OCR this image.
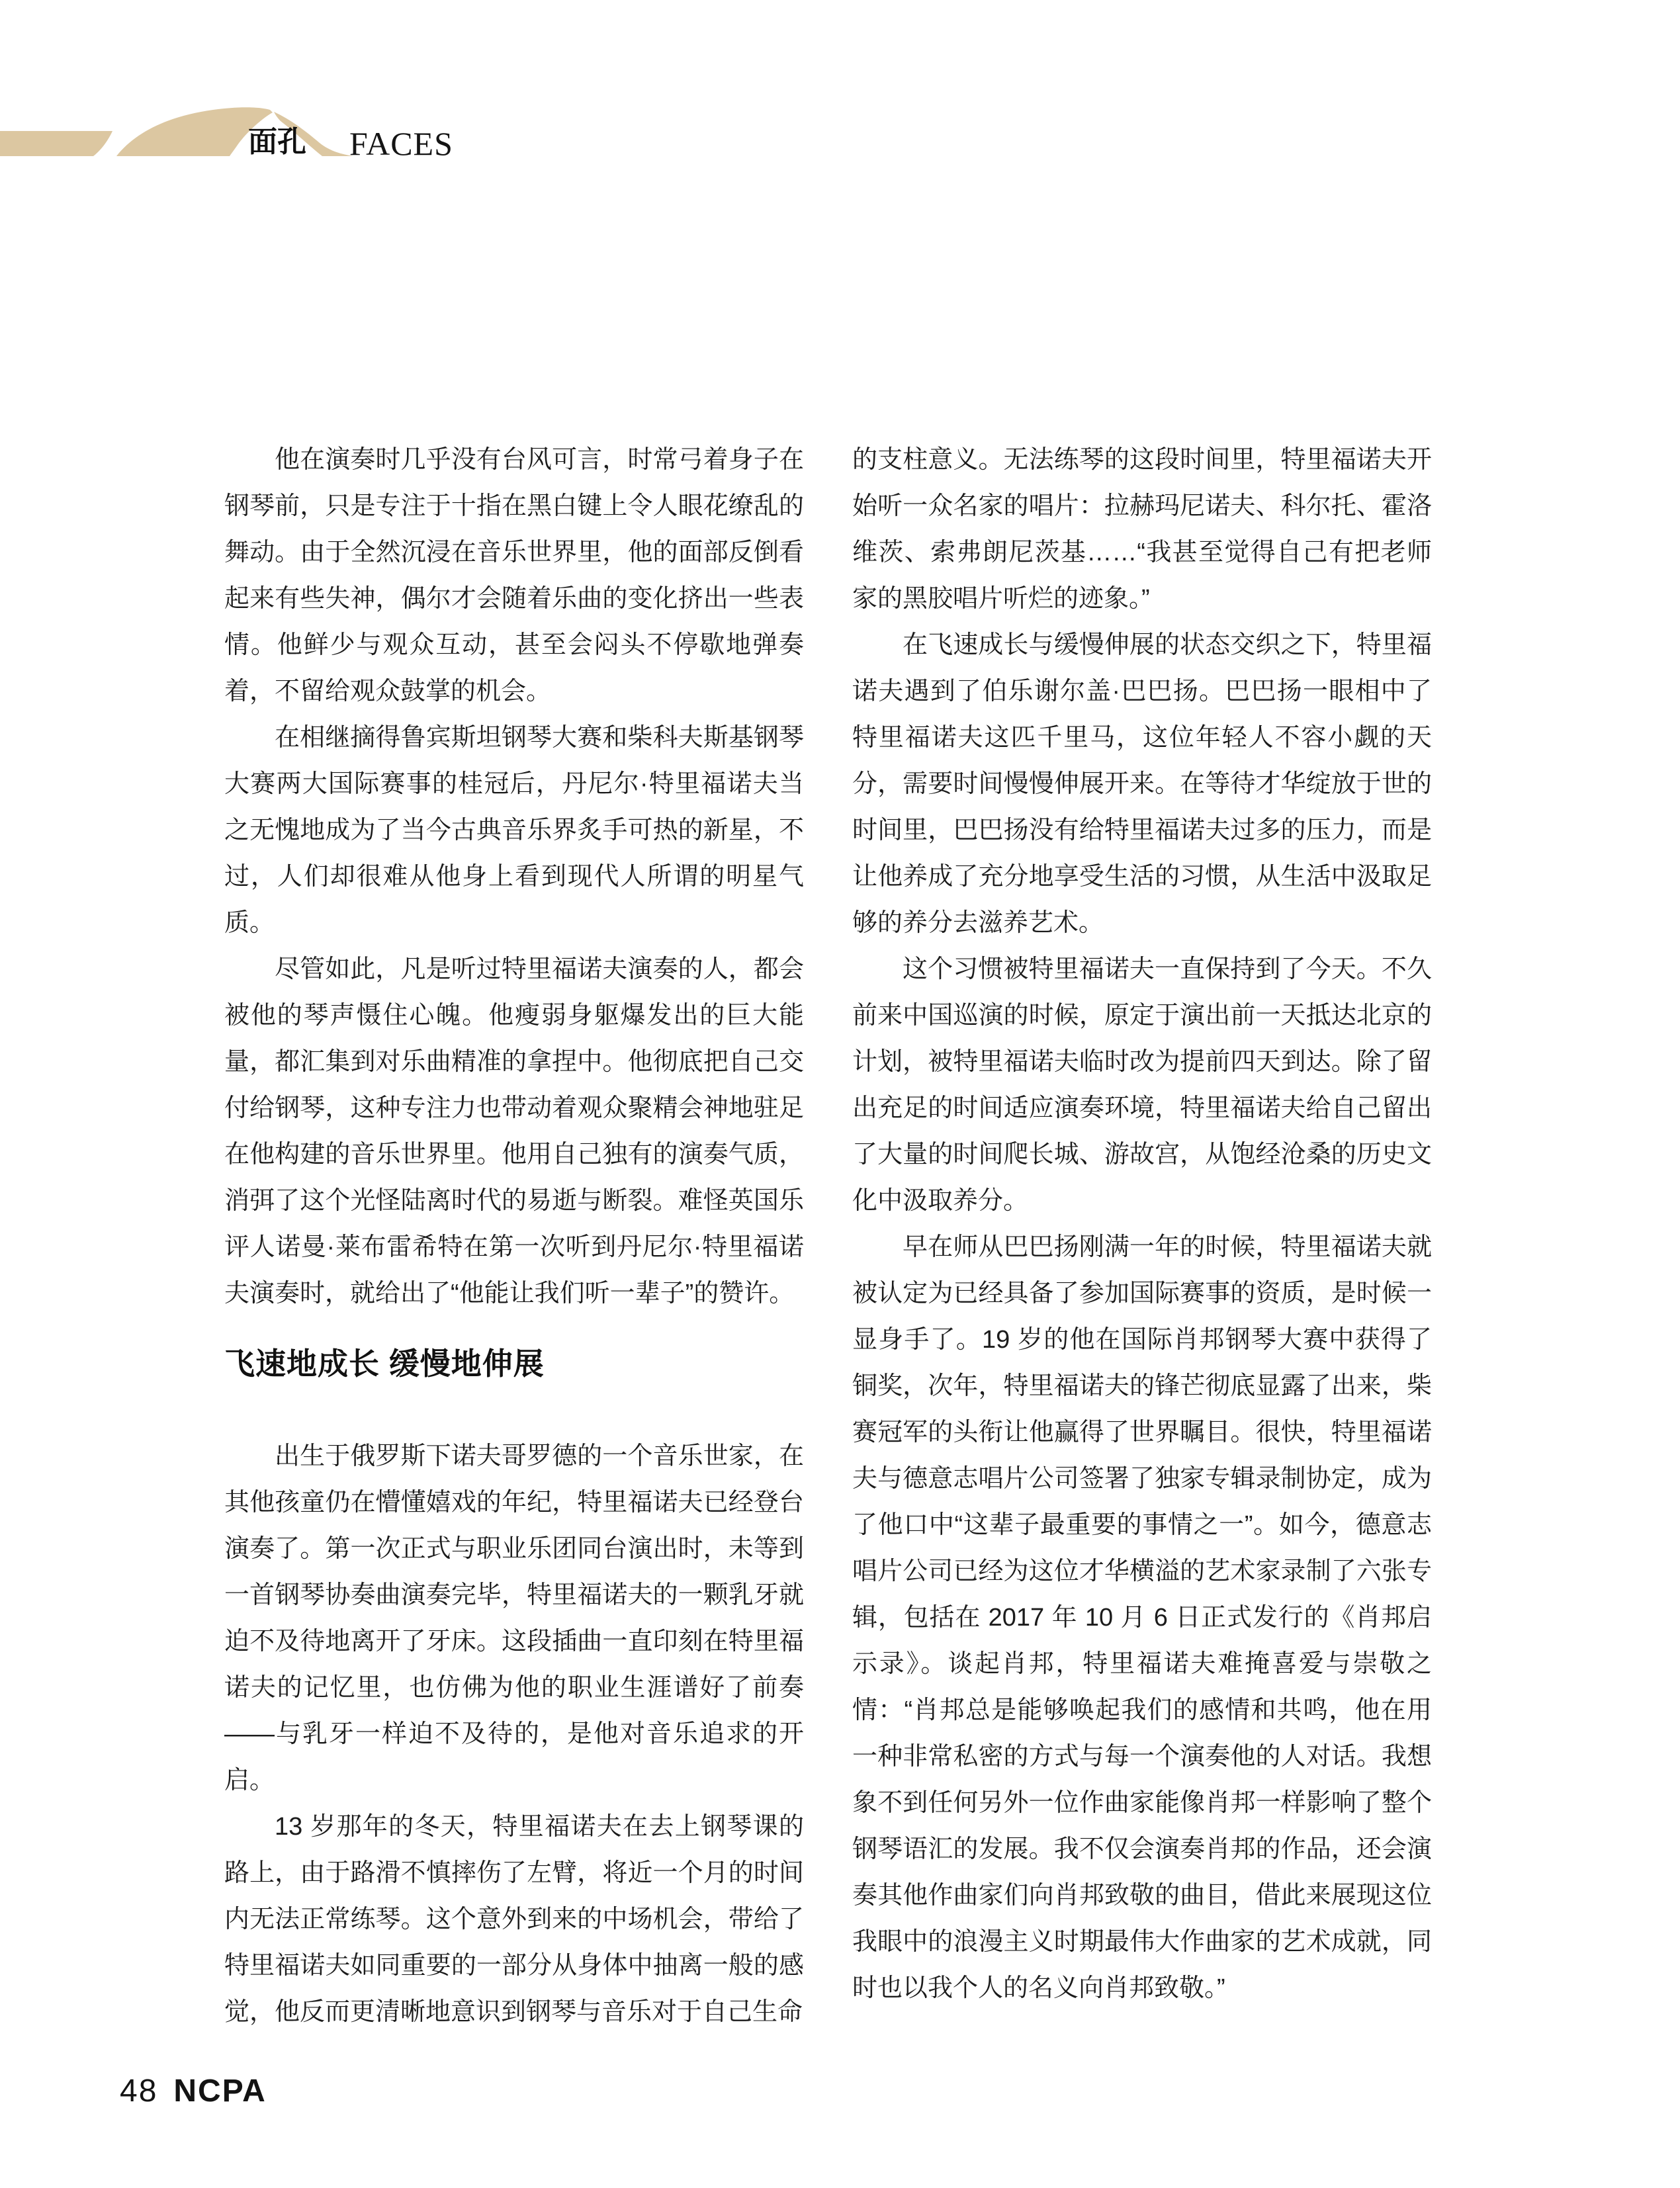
面孔 FACES

他在演奏时几乎没有台风可言，时常弓着身子在钢琴前，只是专注于十指在黑白键上令人眼花缭乱的舞动。由于全然沉浸在音乐世界里，他的面部反倒看起来有些失神，偶尔才会随着乐曲的变化挤出一些表情。他鲜少与观众互动，甚至会闷头不停歇地弹奏着，不留给观众鼓掌的机会。

在相继摘得鲁宾斯坦钢琴大赛和柴科夫斯基钢琴大赛两大国际赛事的桂冠后，丹尼尔·特里福诺夫当之无愧地成为了当今古典音乐界炙手可热的新星，不过，人们却很难从他身上看到现代人所谓的明星气质。

尽管如此，凡是听过特里福诺夫演奏的人，都会被他的琴声慑住心魄。他瘦弱身躯爆发出的巨大能量，都汇集到对乐曲精准的拿捏中。他彻底把自己交付给钢琴，这种专注力也带动着观众聚精会神地驻足在他构建的音乐世界里。他用自己独有的演奏气质，消弭了这个光怪陆离时代的易逝与断裂。难怪英国乐评人诺曼·莱布雷希特在第一次听到丹尼尔·特里福诺夫演奏时，就给出了“他能让我们听一辈子”的赞许。

飞速地成长 缓慢地伸展

出生于俄罗斯下诺夫哥罗德的一个音乐世家，在其他孩童仍在懵懂嬉戏的年纪，特里福诺夫已经登台演奏了。第一次正式与职业乐团同台演出时，未等到一首钢琴协奏曲演奏完毕，特里福诺夫的一颗乳牙就迫不及待地离开了牙床。这段插曲一直印刻在特里福诺夫的记忆里，也仿佛为他的职业生涯谱好了前奏——与乳牙一样迫不及待的，是他对音乐追求的开启。

13 岁那年的冬天，特里福诺夫在去上钢琴课的路上，由于路滑不慎摔伤了左臂，将近一个月的时间内无法正常练琴。这个意外到来的中场机会，带给了特里福诺夫如同重要的一部分从身体中抽离一般的感觉，他反而更清晰地意识到钢琴与音乐对于自己生命

的支柱意义。无法练琴的这段时间里，特里福诺夫开始听一众名家的唱片：拉赫玛尼诺夫、科尔托、霍洛维茨、索弗朗尼茨基……“我甚至觉得自己有把老师家的黑胶唱片听烂的迹象。”

在飞速成长与缓慢伸展的状态交织之下，特里福诺夫遇到了伯乐谢尔盖·巴巴扬。巴巴扬一眼相中了特里福诺夫这匹千里马，这位年轻人不容小觑的天分，需要时间慢慢伸展开来。在等待才华绽放于世的时间里，巴巴扬没有给特里福诺夫过多的压力，而是让他养成了充分地享受生活的习惯，从生活中汲取足够的养分去滋养艺术。

这个习惯被特里福诺夫一直保持到了今天。不久前来中国巡演的时候，原定于演出前一天抵达北京的计划，被特里福诺夫临时改为提前四天到达。除了留出充足的时间适应演奏环境，特里福诺夫给自己留出了大量的时间爬长城、游故宫，从饱经沧桑的历史文化中汲取养分。

早在师从巴巴扬刚满一年的时候，特里福诺夫就被认定为已经具备了参加国际赛事的资质，是时候一显身手了。19 岁的他在国际肖邦钢琴大赛中获得了铜奖，次年，特里福诺夫的锋芒彻底显露了出来，柴赛冠军的头衔让他赢得了世界瞩目。很快，特里福诺夫与德意志唱片公司签署了独家专辑录制协定，成为了他口中“这辈子最重要的事情之一”。如今，德意志唱片公司已经为这位才华横溢的艺术家录制了六张专辑，包括在 2017 年 10 月 6 日正式发行的《肖邦启示录》。谈起肖邦，特里福诺夫难掩喜爱与崇敬之情：“肖邦总是能够唤起我们的感情和共鸣，他在用一种非常私密的方式与每一个演奏他的人对话。我想象不到任何另外一位作曲家能像肖邦一样影响了整个钢琴语汇的发展。我不仅会演奏肖邦的作品，还会演奏其他作曲家们向肖邦致敬的曲目，借此来展现这位我眼中的浪漫主义时期最伟大作曲家的艺术成就，同时也以我个人的名义向肖邦致敬。”

48 NCPA
